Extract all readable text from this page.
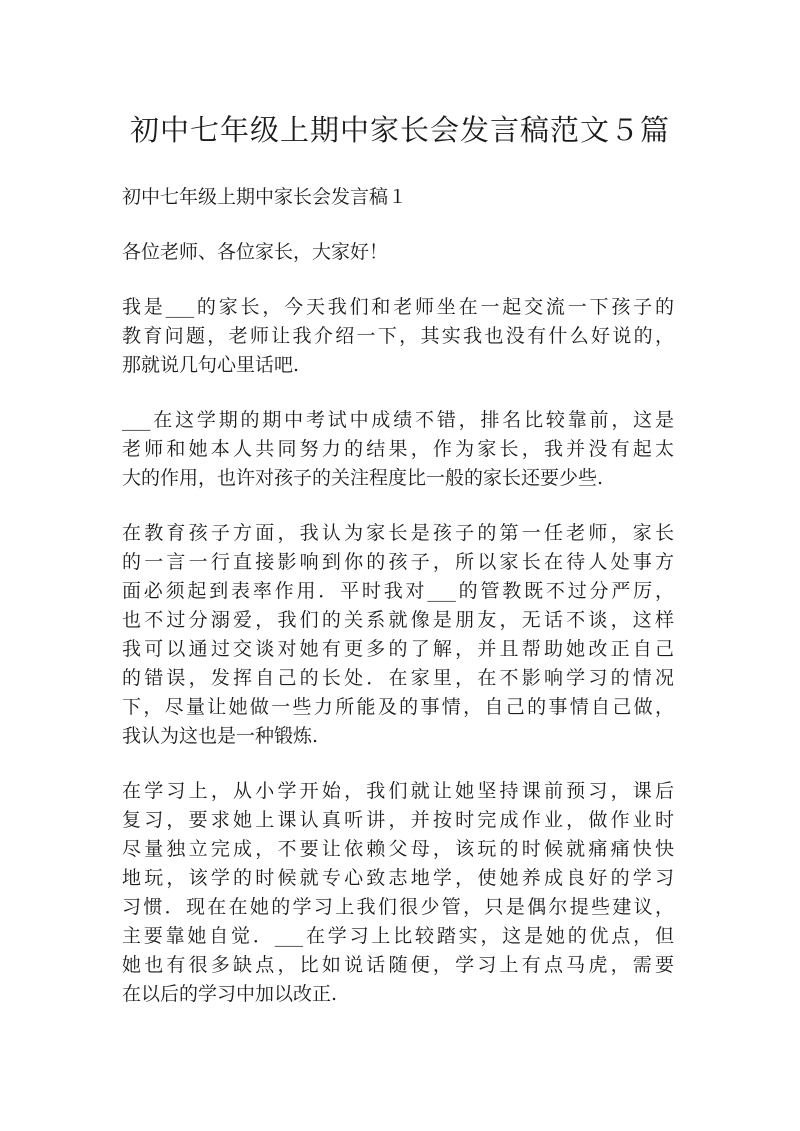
初中七年级上期中家长会发言稿范文５篇

初中七年级上期中家长会发言稿１

各位老师、各位家长，大家好！

我是___的家长，今天我们和老师坐在一起交流一下孩子的
教育问题，老师让我介绍一下，其实我也没有什么好说的，
那就说几句心里话吧.

___在这学期的期中考试中成绩不错，排名比较靠前，这是
老师和她本人共同努力的结果，作为家长，我并没有起太
大的作用，也许对孩子的关注程度比一般的家长还要少些.

在教育孩子方面，我认为家长是孩子的第一任老师，家长
的一言一行直接影响到你的孩子，所以家长在待人处事方
面必须起到表率作用．平时我对___的管教既不过分严厉，
也不过分溺爱，我们的关系就像是朋友，无话不谈，这样
我可以通过交谈对她有更多的了解，并且帮助她改正自己
的错误，发挥自己的长处．在家里，在不影响学习的情况
下，尽量让她做一些力所能及的事情，自己的事情自己做，
我认为这也是一种锻炼.

在学习上，从小学开始，我们就让她坚持课前预习，课后
复习，要求她上课认真听讲，并按时完成作业，做作业时
尽量独立完成，不要让依赖父母，该玩的时候就痛痛快快
地玩，该学的时候就专心致志地学，使她养成良好的学习
习惯．现在在她的学习上我们很少管，只是偶尔提些建议，
主要靠她自觉．___在学习上比较踏实，这是她的优点，但
她也有很多缺点，比如说话随便，学习上有点马虎，需要
在以后的学习中加以改正.
